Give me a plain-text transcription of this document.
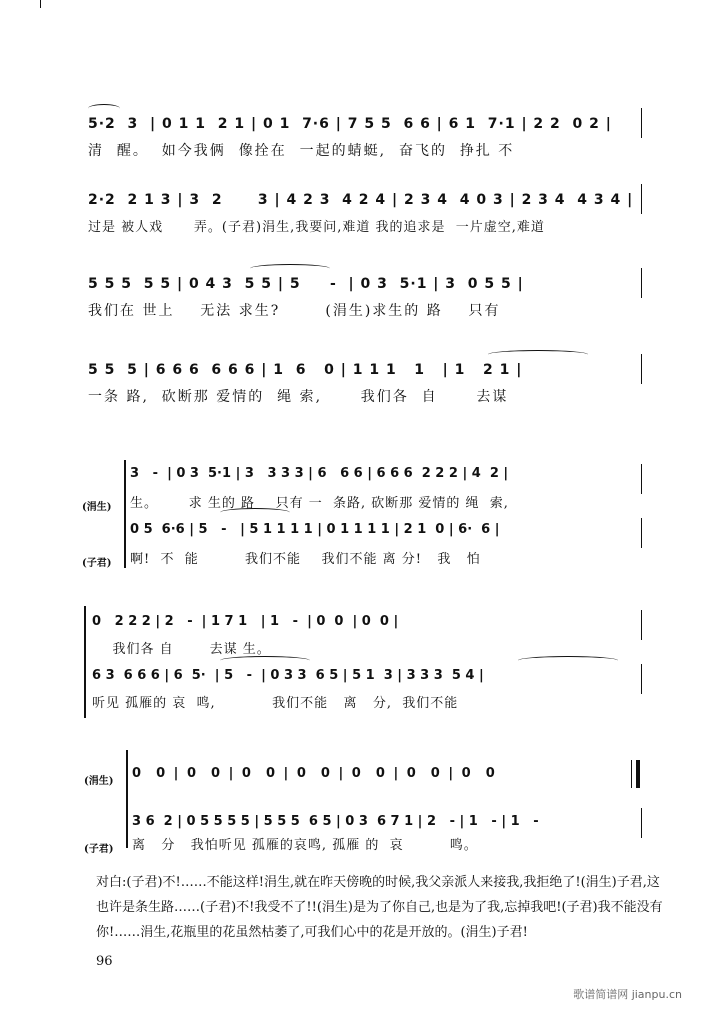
5·2  3  | 0 1 1  2 1 | 0 1  7·6 | 7 5 5  6 6 | 6 1  7·1 | 2 2  0 2 |
清  醒。  如今我俩  像拴在  一起的蜻蜓,  奋飞的  挣扎 不
2·2  2 1 3 | 3  2      3 | 4 2 3  4 2 4 | 2 3 4  4 0 3 | 2 3 4  4 3 4 |
过是 被人戏      弄。(子君)涓生,我要问,难道 我的追求是  一片虚空,难道
5 5 5  5 5 | 0 4 3  5 5 | 5     -  | 0 3  5·1 | 3  0 5 5 |
我们在 世上    无法 求生?       (涓生)求生的 路    只有
5 5  5 | 6 6 6  6 6 6 | 1  6   0 | 1 1 1   1   | 1   2 1 |
一条 路,  砍断那 爱情的  绳 索,      我们各  自      去谋
(涓生)
3   -  | 0 3  5·1 | 3   3 3 3 | 6   6 6 | 6 6 6  2 2 2 | 4  2 |
生。      求 生的 路    只有 一  条路, 砍断那 爱情的 绳  索,
(子君)
0 5  6·6 | 5   -   | 5 1 1 1 1 | 0 1 1 1 1 | 2 1  0 | 6·  6 |
啊!  不  能         我们不能    我们不能 离 分!   我   怕
0   2 2 2 | 2   -  | 1 7 1   | 1   -  | 0  0  | 0  0 |
我们各 自       去谋 生。
6 3  6 6 6 | 6  5·  | 5   -  | 0 3 3  6 5 | 5 1  3 | 3 3 3  5 4 |
听见 孤雁的 哀  鸣,           我们不能   离   分,  我们不能
(涓生)
0  0 | 0  0 | 0  0 | 0  0 | 0  0 | 0  0 | 0  0
(子君)
3 6  2 | 0 5 5 5 5 | 5 5 5  6 5 | 0 3  6 7 1 | 2   - | 1   - | 1   -
离   分   我怕听见 孤雁的哀鸣, 孤雁 的  哀         鸣。
对白:(子君)不!……不能这样!涓生,就在昨天傍晚的时候,我父亲派人来接我,我拒绝了!(涓生)子君,这也许是条生路……(子君)不!我受不了!!(涓生)是为了你自己,也是为了我,忘掉我吧!(子君)我不能没有你!……涓生,花瓶里的花虽然枯萎了,可我们心中的花是开放的。(涓生)子君!
96
歌谱简谱网 jianpu.cn
